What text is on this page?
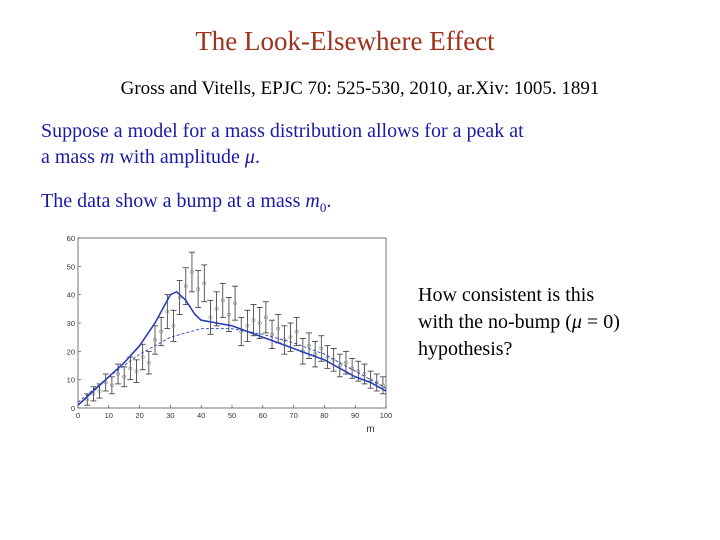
The Look-Elsewhere Effect
Gross and Vitells, EPJC 70: 525-530, 2010, ar.Xiv: 1005. 1891
Suppose a model for a mass distribution allows for a peak at
a mass m with amplitude μ.
The data show a bump at a mass $m_0$.
How consistent is this
with the no-bump (μ = 0)
hypothesis?
0	10	20	30	40	50	60	70	80	90	100
0
10
20
30
40
50
60
m
